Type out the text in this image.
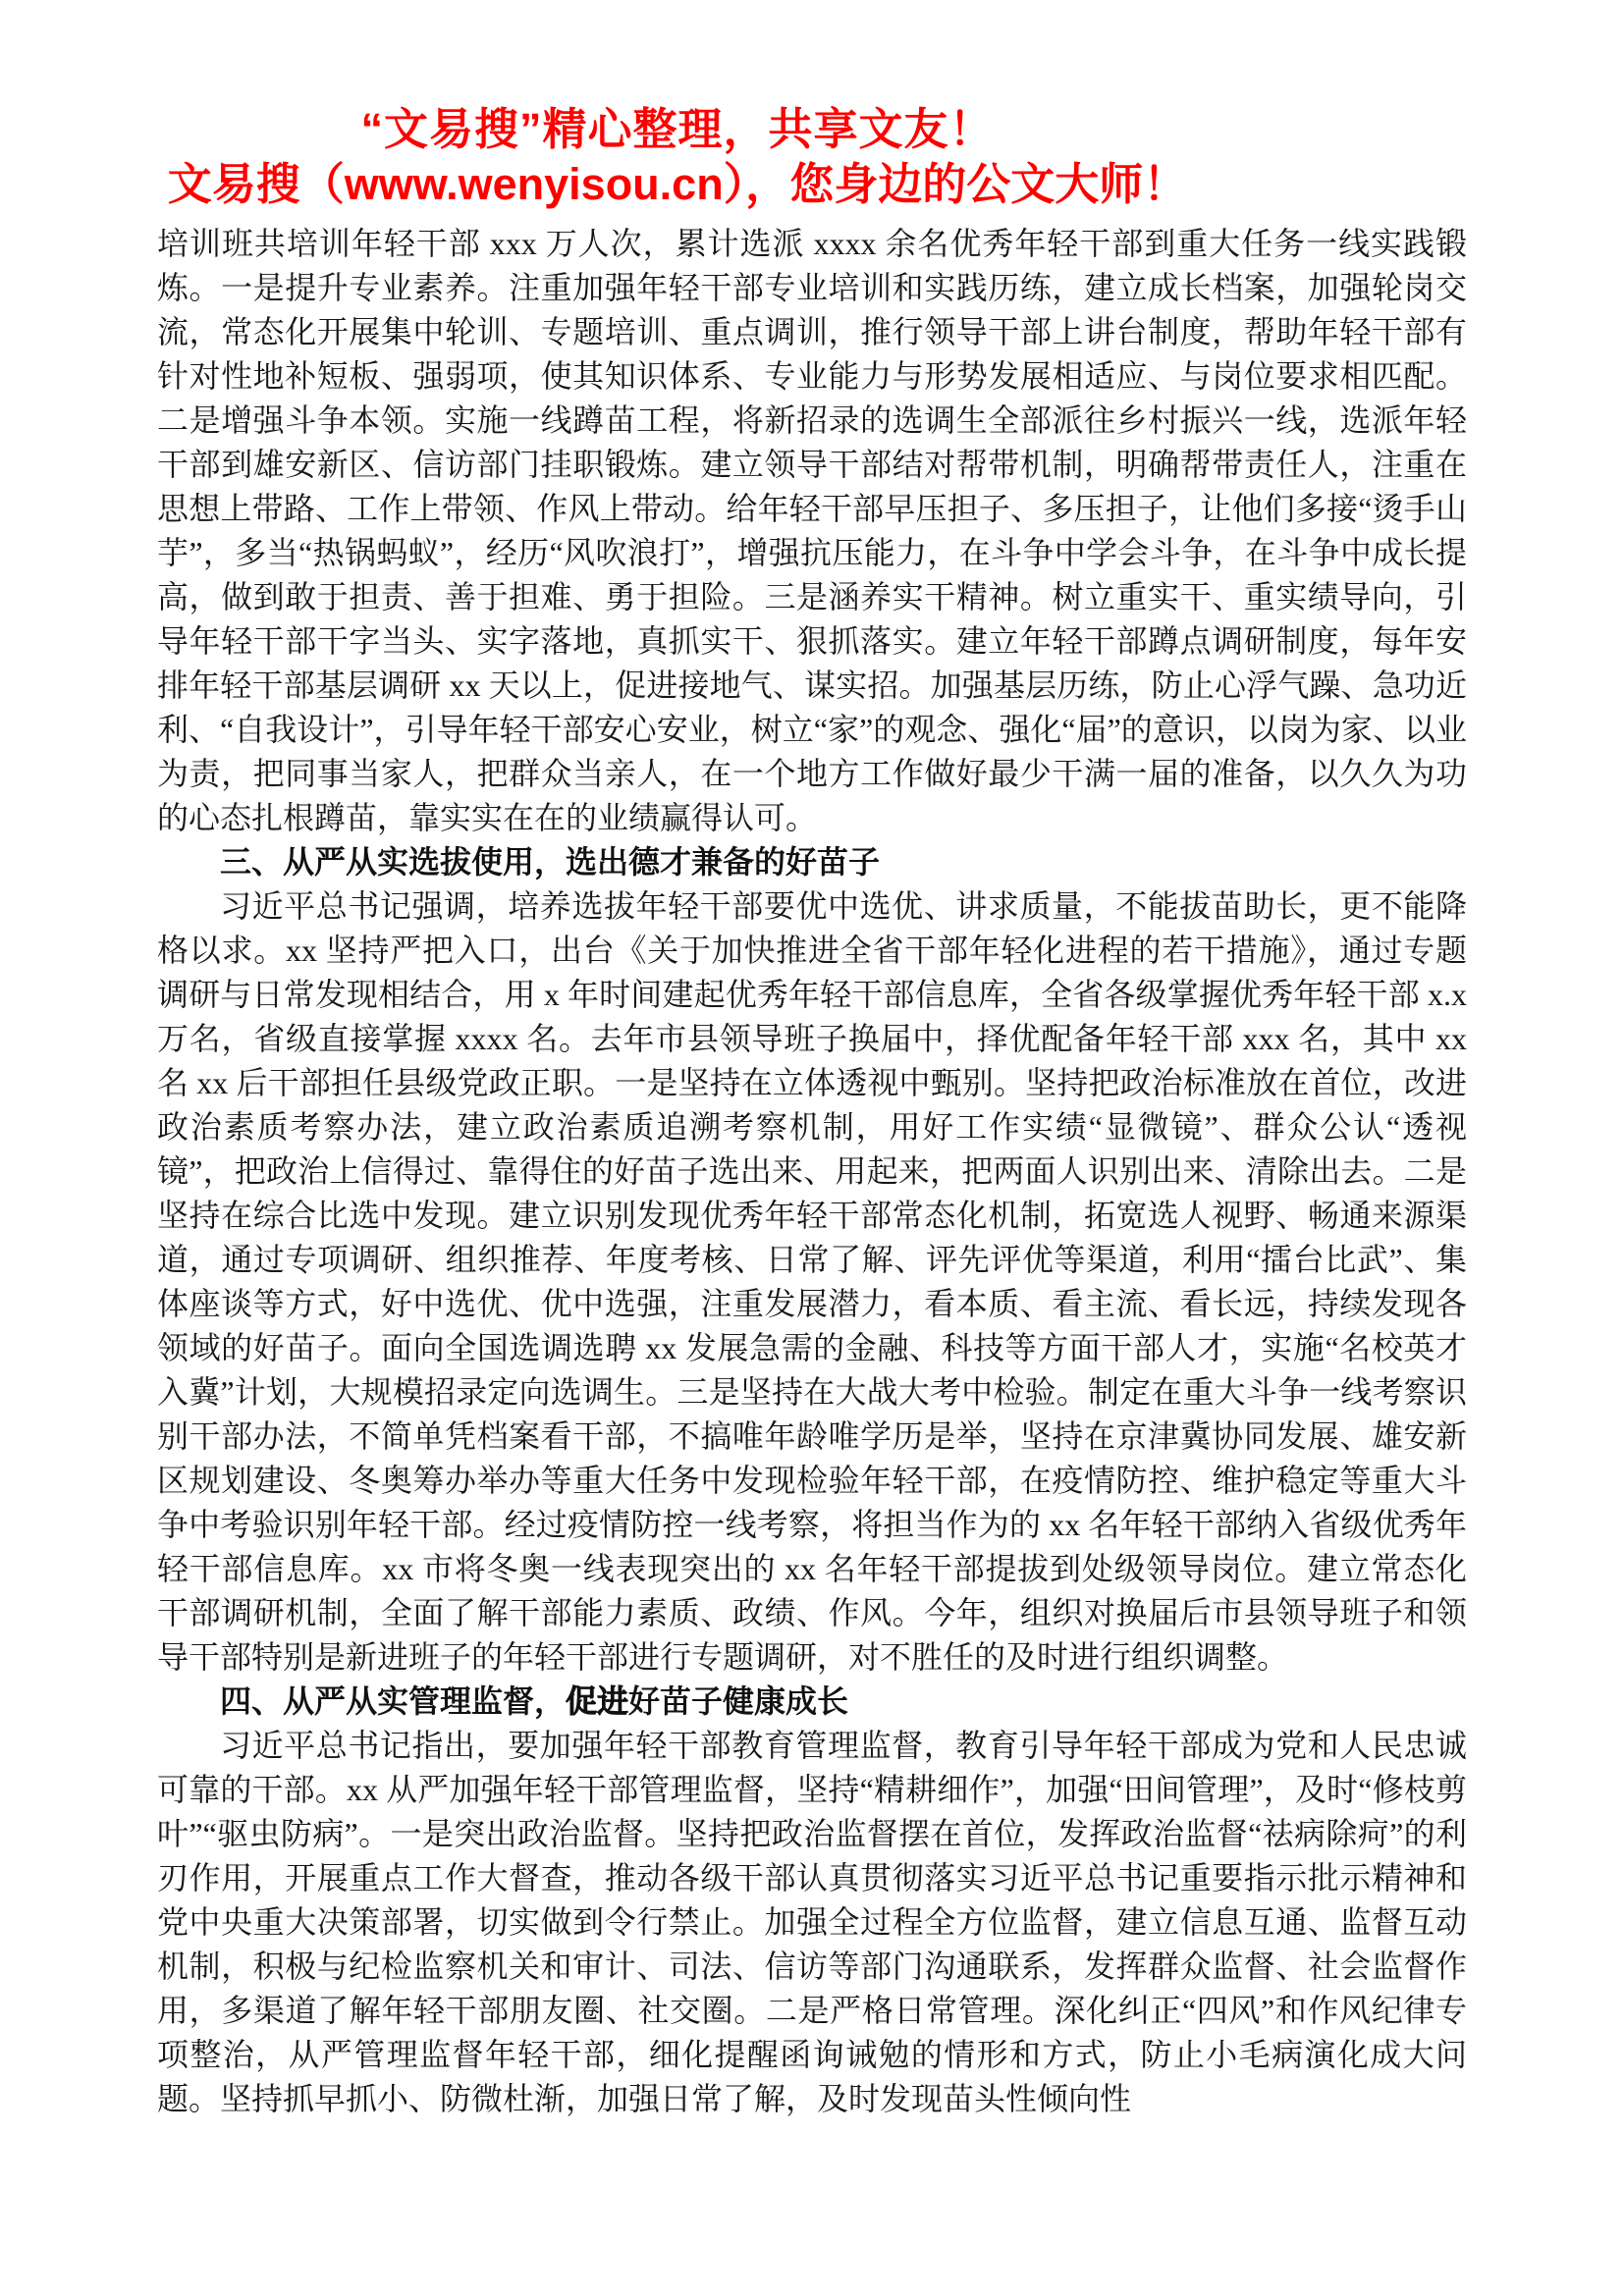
“文易搜”精心整理，共享文友！
文易搜（www.wenyisou.cn），您身边的公文大师！

培训班共培训年轻干部 xxx 万人次，累计选派 xxxx 余名优秀年轻干部到重大任务一线实践锻炼。一是提升专业素养。注重加强年轻干部专业培训和实践历练，建立成长档案，加强轮岗交流，常态化开展集中轮训、专题培训、重点调训，推行领导干部上讲台制度，帮助年轻干部有针对性地补短板、强弱项，使其知识体系、专业能力与形势发展相适应、与岗位要求相匹配。二是增强斗争本领。实施一线蹲苗工程，将新招录的选调生全部派往乡村振兴一线，选派年轻干部到雄安新区、信访部门挂职锻炼。建立领导干部结对帮带机制，明确帮带责任人，注重在思想上带路、工作上带领、作风上带动。给年轻干部早压担子、多压担子，让他们多接“烫手山芋”，多当“热锅蚂蚁”，经历“风吹浪打”，增强抗压能力，在斗争中学会斗争，在斗争中成长提高，做到敢于担责、善于担难、勇于担险。三是涵养实干精神。树立重实干、重实绩导向，引导年轻干部干字当头、实字落地，真抓实干、狠抓落实。建立年轻干部蹲点调研制度，每年安排年轻干部基层调研 xx 天以上，促进接地气、谋实招。加强基层历练，防止心浮气躁、急功近利、“自我设计”，引导年轻干部安心安业，树立“家”的观念、强化“届”的意识，以岗为家、以业为责，把同事当家人，把群众当亲人，在一个地方工作做好最少干满一届的准备，以久久为功的心态扎根蹲苗，靠实实在在的业绩赢得认可。

三、从严从实选拔使用，选出德才兼备的好苗子

习近平总书记强调，培养选拔年轻干部要优中选优、讲求质量，不能拔苗助长，更不能降格以求。xx 坚持严把入口，出台《关于加快推进全省干部年轻化进程的若干措施》，通过专题调研与日常发现相结合，用 x 年时间建起优秀年轻干部信息库，全省各级掌握优秀年轻干部 x.x 万名，省级直接掌握 xxxx 名。去年市县领导班子换届中，择优配备年轻干部 xxx 名，其中 xx 名 xx 后干部担任县级党政正职。一是坚持在立体透视中甄别。坚持把政治标准放在首位，改进政治素质考察办法，建立政治素质追溯考察机制，用好工作实绩“显微镜”、群众公认“透视镜”，把政治上信得过、靠得住的好苗子选出来、用起来，把两面人识别出来、清除出去。二是坚持在综合比选中发现。建立识别发现优秀年轻干部常态化机制，拓宽选人视野、畅通来源渠道，通过专项调研、组织推荐、年度考核、日常了解、评先评优等渠道，利用“擂台比武”、集体座谈等方式，好中选优、优中选强，注重发展潜力，看本质、看主流、看长远，持续发现各领域的好苗子。面向全国选调选聘 xx 发展急需的金融、科技等方面干部人才，实施“名校英才入冀”计划，大规模招录定向选调生。三是坚持在大战大考中检验。制定在重大斗争一线考察识别干部办法，不简单凭档案看干部，不搞唯年龄唯学历是举，坚持在京津冀协同发展、雄安新区规划建设、冬奥筹办举办等重大任务中发现检验年轻干部，在疫情防控、维护稳定等重大斗争中考验识别年轻干部。经过疫情防控一线考察，将担当作为的 xx 名年轻干部纳入省级优秀年轻干部信息库。xx 市将冬奥一线表现突出的 xx 名年轻干部提拔到处级领导岗位。建立常态化干部调研机制，全面了解干部能力素质、政绩、作风。今年，组织对换届后市县领导班子和领导干部特别是新进班子的年轻干部进行专题调研，对不胜任的及时进行组织调整。

四、从严从实管理监督，促进好苗子健康成长

习近平总书记指出，要加强年轻干部教育管理监督，教育引导年轻干部成为党和人民忠诚可靠的干部。xx 从严加强年轻干部管理监督，坚持“精耕细作”，加强“田间管理”，及时“修枝剪叶”“驱虫防病”。一是突出政治监督。坚持把政治监督摆在首位，发挥政治监督“祛病除疴”的利刃作用，开展重点工作大督查，推动各级干部认真贯彻落实习近平总书记重要指示批示精神和党中央重大决策部署，切实做到令行禁止。加强全过程全方位监督，建立信息互通、监督互动机制，积极与纪检监察机关和审计、司法、信访等部门沟通联系，发挥群众监督、社会监督作用，多渠道了解年轻干部朋友圈、社交圈。二是严格日常管理。深化纠正“四风”和作风纪律专项整治，从严管理监督年轻干部，细化提醒函询诫勉的情形和方式，防止小毛病演化成大问题。坚持抓早抓小、防微杜渐，加强日常了解，及时发现苗头性倾向性
